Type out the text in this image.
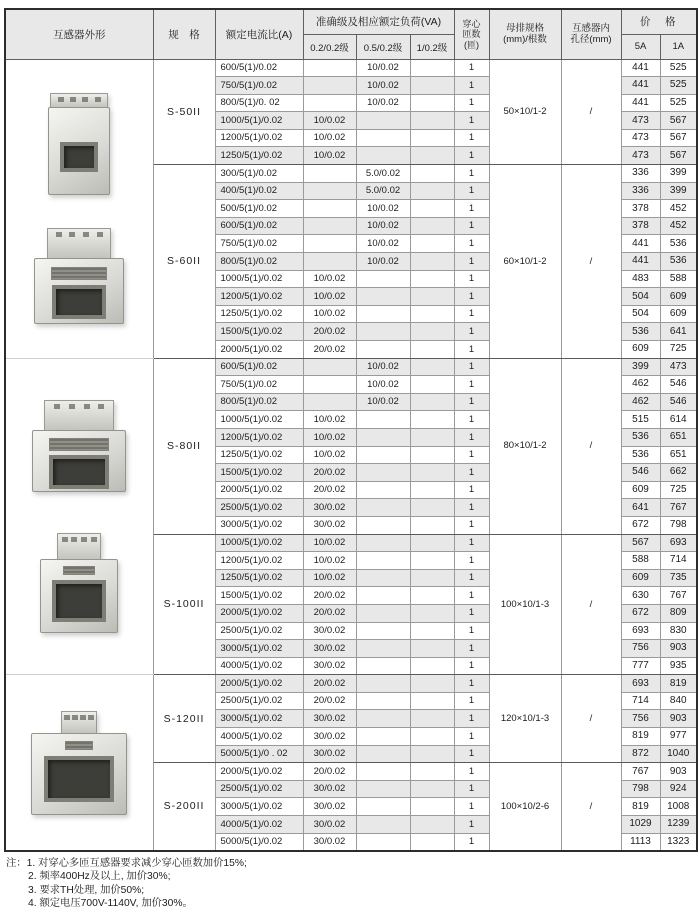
互感器外形	规　格	额定电流比(A)	准确级及相应额定负荷(VA)			穿心
匝数
(匝)	母排规格
(mm)/根数	互感器内
孔径(mm)	价　格	
			0.2/0.2级	0.5/0.2级	1/0.2级				5A	1A

	S-50II	600/5(1)/0.02		10/0.02		1	50×10/1-2	/	441	525
		750/5(1)/0.02		10/0.02		1			441	525
		800/5(1)/0. 02		10/0.02		1			441	525
		1000/5(1)/0.02	10/0.02			1			473	567
		1200/5(1)/0.02	10/0.02			1			473	567
		1250/5(1)/0.02	10/0.02			1			473	567
	S-60II	300/5(1)/0.02		5.0/0.02		1	60×10/1-2	/	336	399
		400/5(1)/0.02		5.0/0.02		1			336	399
		500/5(1)/0.02		10/0.02		1			378	452
		600/5(1)/0.02		10/0.02		1			378	452
		750/5(1)/0.02		10/0.02		1			441	536
		800/5(1)/0.02		10/0.02		1			441	536
		1000/5(1)/0.02	10/0.02			1			483	588
		1200/5(1)/0.02	10/0.02			1			504	609
		1250/5(1)/0.02	10/0.02			1			504	609
		1500/5(1)/0.02	20/0.02			1			536	641
		2000/5(1)/0.02	20/0.02			1			609	725

	S-80II	600/5(1)/0.02		10/0.02		1	80×10/1-2	/	399	473
		750/5(1)/0.02		10/0.02		1			462	546
		800/5(1)/0.02		10/0.02		1			462	546
		1000/5(1)/0.02	10/0.02			1			515	614
		1200/5(1)/0.02	10/0.02			1			536	651
		1250/5(1)/0.02	10/0.02			1			536	651
		1500/5(1)/0.02	20/0.02			1			546	662
		2000/5(1)/0.02	20/0.02			1			609	725
		2500/5(1)/0.02	30/0.02			1			641	767
		3000/5(1)/0.02	30/0.02			1			672	798
	S-100II	1000/5(1)/0.02	10/0.02			1	100×10/1-3	/	567	693
		1200/5(1)/0.02	10/0.02			1			588	714
		1250/5(1)/0.02	10/0.02			1			609	735
		1500/5(1)/0.02	20/0.02			1			630	767
		2000/5(1)/0.02	20/0.02			1			672	809
		2500/5(1)/0.02	30/0.02			1			693	830
		3000/5(1)/0.02	30/0.02			1			756	903
		4000/5(1)/0.02	30/0.02			1			777	935

	S-120II	2000/5(1)/0.02	20/0.02			1	120×10/1-3	/	693	819
		2500/5(1)/0.02	20/0.02			1			714	840
		3000/5(1)/0.02	30/0.02			1			756	903
		4000/5(1)/0.02	30/0.02			1			819	977
		5000/5(1)/0 . 02	30/0.02			1			872	1040
	S-200II	2000/5(1)/0.02	20/0.02			1	100×10/2-6	/	767	903
		2500/5(1)/0.02	30/0.02			1			798	924
		3000/5(1)/0.02	30/0.02			1			819	1008
		4000/5(1)/0.02	30/0.02			1			1029	1239
		5000/5(1)/0.02	30/0.02			1			1113	1323
注：1. 对穿心多匝互感器要求减少穿心匝数加价15%;
2. 频率400Hz及以上, 加价30%;
3. 要求TH处理, 加价50%;
4. 额定电压700V-1140V, 加价30%。
